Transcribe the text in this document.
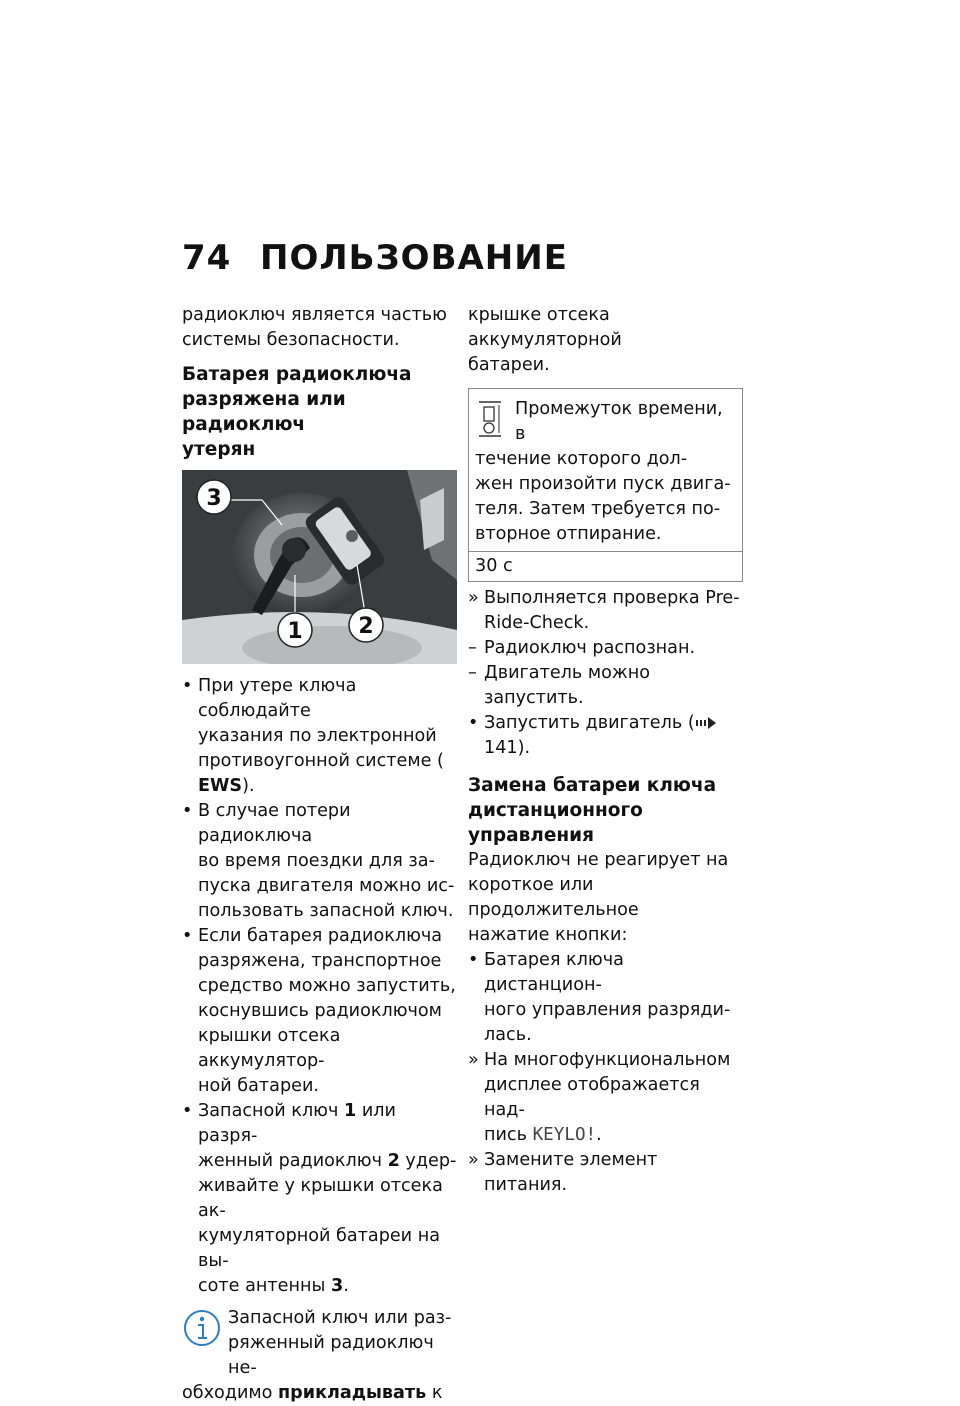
74 ПОЛЬЗОВАНИЕ

радиоключ является частью

системы безопасности.

Батарея радиоключа
разряжена или радиоключ
утерян

3
1	2
• При утере ключа соблюдайте
указания по электронной
противоугонной системе (
EWS).
• В случае потери радиоключа
во время поездки для за-
пуска двигателя можно ис-
пользовать запасной ключ.
• Если батарея радиоключа
разряжена, транспортное
средство можно запустить,
коснувшись радиоключом
крышки отсека аккумулятор-
ной батареи.
• Запасной ключ 1 или разря-
женный радиоключ 2 удер-
живайте у крышки отсека ак-
кумуляторной батареи на вы-
соте антенны 3.
Запасной ключ или раз-
ряженный радиоключ не-
обходимо прикладывать к

крышке отсека аккумуляторной

батареи.

Промежуток времени, в
течение которого дол-
жен произойти пуск двига-
теля. Затем требуется по-
вторное отпирание.
30 с
» Выполняется проверка Pre-
Ride-Check.
– Радиоключ распознан.
– Двигатель можно запустить.
• Запустить двигатель (141).

Замена батареи ключа
дистанционного управления

Радиоключ не реагирует на

короткое или продолжительное

нажатие кнопки:

• Батарея ключа дистанцион-
ного управления разряди-
лась.
» На многофункциональном
дисплее отображается над-
пись KEYLO!.
» Замените элемент питания.
